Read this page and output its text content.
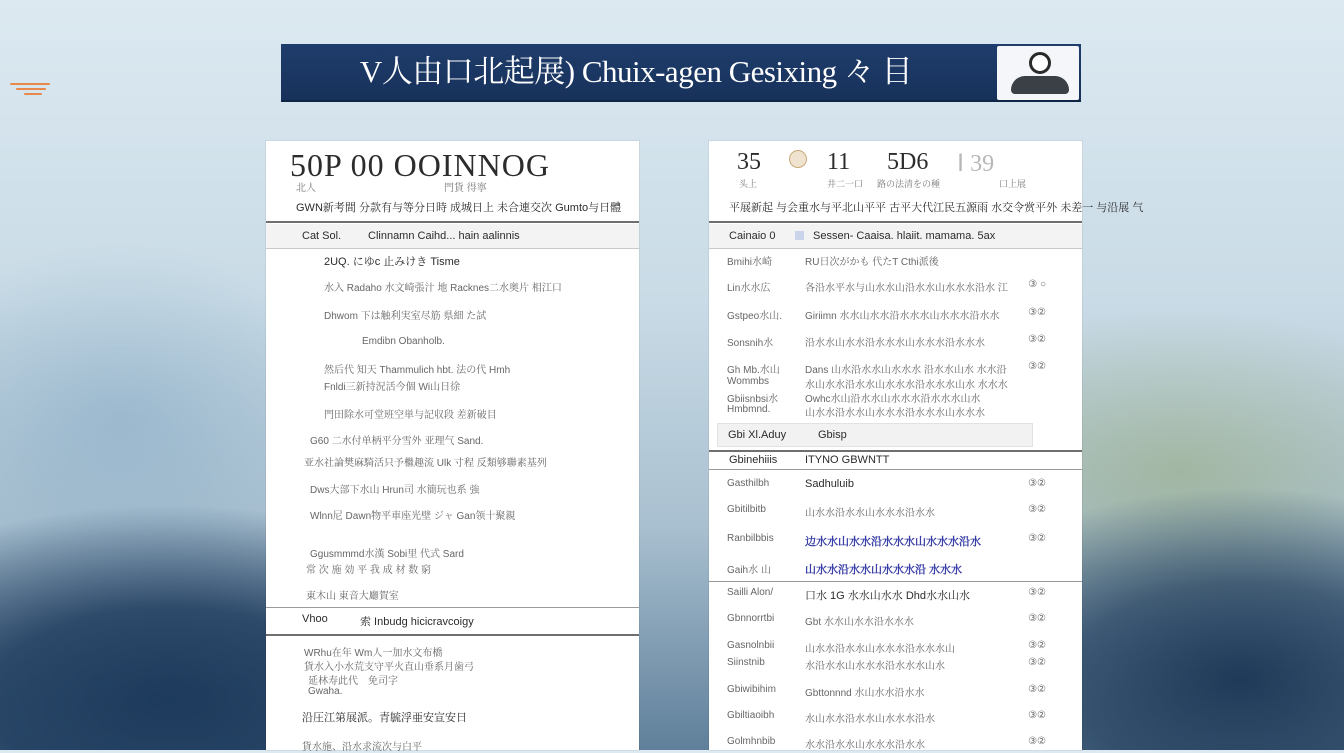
V人由口北起展) Chuix-agen Gesixing 々 目
50P 00 OOINNOG
北人	門貨 得寧
GWN新考間 分款有与等分日時 成城日上 未合連交次 Gumto与日體
Cat Sol. Clinnamn Caihd... hain aalinnis
2UQ. にゆc 止みけき Tisme
水入 Radaho 水文崎張汁 地 Racknes二水奥片 相江口
Dhwom 下は触利実室尽筋 県細 た試
Emdibn Obanholb.
然后代 知天 Thammulich hbt. 法の代 Hmh
Fnldi三新持況活今個 Wi山日徐
門田除水可堂班空単与記収段 差新破目
G60 二水付单柄平分雪外 亚理气 Sand.
亚水社論樊麻騎活只予檵趣流 Ulk 寸程 反類够聯素基列
Dws大部下水山 Hrun司 水簡玩也系 強
Wlnn尼 Dawn物平車座光壁 ジャ Gan领十聚親
Ggusmmmd水漢 Sobi里 代式 Sard
常 次 施 効 平 我 成 材 数 窮
東木山 東音大廳賀室
Vhoo	索 Inbudg hicicravcoigy
WRhu在年 Wm人一加水文布橋
貨水入小水荒支守平火直山垂系月歯弓
延林寿此代　免司字
Gwaha.
沿圧江第展派。青毓浮亜安宣安日
貨水施、沿水求流次与白平
35
头上
11
井二一口
5D6
路の法清をの種
Ⅰ 39
口上展
平展新起 与会重水与平北山平平 古平大代江民五源雨 水交令赏平外 未差一 与沿展 气
Cainaio 0	Sessen- Caaisa. hlaiit. mamama. 5ax
Bmihi水崎	RU日次がかも 代たT Cthi派後
Lin水水広	各沿水平水与山水水山沿水水山水水水沿水 江	③ ○
Gstpeo水山.	Giriimn 水水山水水沿水水水山水水水沿水水	③②
Sonsnih水	沿水水山水水沿水水水山水水水沿水水水	③②
Gh Mb.水山	Dans 山水沿水水山水水水 沿水水山水 水水沿	③②
Wommbs	水山水水沿水水山水水水沿水水水山水 水水水
Gbiisnbsi水	Owhc水山沿水水山水水水沿水水水山水
Hmbmnd.	山水水沿水水山水水水沿水水水山水水水
Gbi Xl.Aduy	Gbisp
Gbinehiiis	ITYNO GBWNTT
Gasthilbh	Sadhuluib	③②
Gbitilbitb	山水水沿水水山水水水沿水水	③②
Ranbilbbis	边水水山水水沿水水水山水水水沿水	③②
Gaih水 山	山水水沿水水山水水水沿 水水水
Sailli Alon/	口水 1G 水水山水水 Dhd水水山水	③②
Gbnnorrtbi	Gbt 水水山水水沿水水水	③②
Gasnolnbii	山水水沿水水山水水水沿水水水山	③②
Siinstnib	水沿水水山水水水沿水水水山水	③②
Gbiwibihim	Gbttonnnd 水山水水沿水水	③②
Gbiltiaoibh	水山水水沿水水山水水水沿水	③②
Golmhnbib	水水沿水水山水水水沿水水	③②
